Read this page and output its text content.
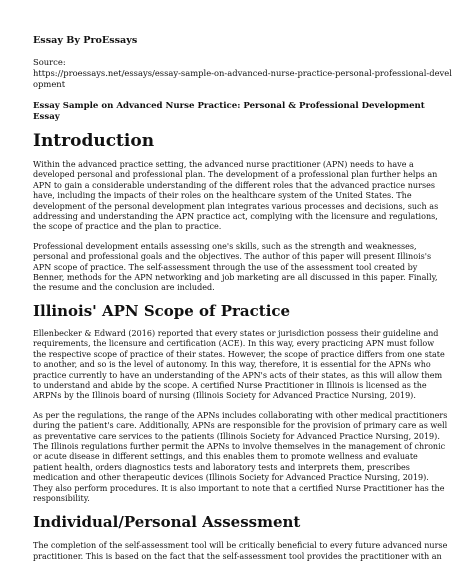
Essay By ProEssays
Source:
https://proessays.net/essays/essay-sample-on-advanced-nurse-practice-personal-professional-development
Essay Sample on Advanced Nurse Practice: Personal & Professional Development Essay
Introduction

Within the advanced practice setting, the advanced nurse practitioner (APN) needs to have a developed personal and professional plan. The development of a professional plan further helps an APN to gain a considerable understanding of the different roles that the advanced practice nurses have, including the impacts of their roles on the healthcare system of the United States. The development of the personal development plan integrates various processes and decisions, such as addressing and understanding the APN practice act, complying with the licensure and regulations, the scope of practice and the plan to practice.

Professional development entails assessing one's skills, such as the strength and weaknesses, personal and professional goals and the objectives. The author of this paper will present Illinois's APN scope of practice. The self-assessment through the use of the assessment tool created by Benner, methods for the APN networking and job marketing are all discussed in this paper. Finally, the resume and the conclusion are included.

Illinois' APN Scope of Practice

Ellenbecker & Edward (2016) reported that every states or jurisdiction possess their guideline and requirements, the licensure and certification (ACE). In this way, every practicing APN must follow the respective scope of practice of their states. However, the scope of practice differs from one state to another, and so is the level of autonomy. In this way, therefore, it is essential for the APNs who practice currently to have an understanding of the APN's acts of their states, as this will allow them to understand and abide by the scope. A certified Nurse Practitioner in Illinois is licensed as the ARPNs by the Illinois board of nursing (Illinois Society for Advanced Practice Nursing, 2019).

As per the regulations, the range of the APNs includes collaborating with other medical practitioners during the patient's care. Additionally, APNs are responsible for the provision of primary care as well as preventative care services to the patients (Illinois Society for Advanced Practice Nursing, 2019). The Illinois regulations further permit the APNs to involve themselves in the management of chronic or acute disease in different settings, and this enables them to promote wellness and evaluate patient health, orders diagnostics tests and laboratory tests and interprets them, prescribes medication and other therapeutic devices (Illinois Society for Advanced Practice Nursing, 2019). They also perform procedures. It is also important to note that a certified Nurse Practitioner has the responsibility.

Individual/Personal Assessment

The completion of the self-assessment tool will be critically beneficial to every future advanced nurse practitioner. This is based on the fact that the self-assessment tool provides the practitioner with an
